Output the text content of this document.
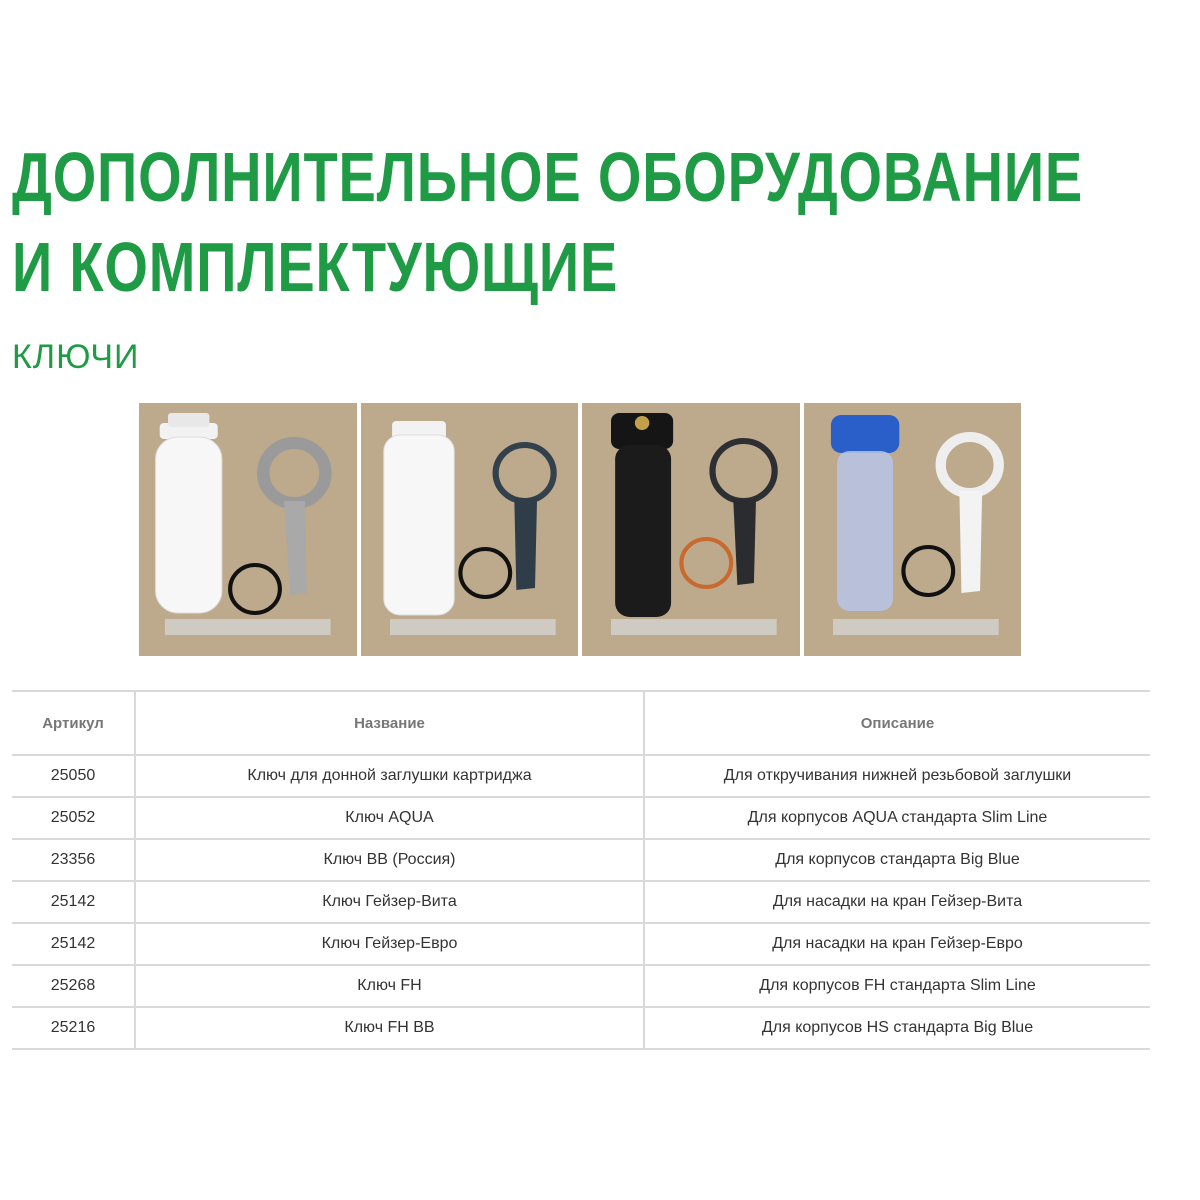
ДОПОЛНИТЕЛЬНОЕ ОБОРУДОВАНИЕ
И КОМПЛЕКТУЮЩИЕ
КЛЮЧИ
Артикул	Название	Описание
25050	Ключ для донной заглушки картриджа	Для откручивания нижней резьбовой заглушки
25052	Ключ AQUA	Для корпусов AQUA стандарта Slim Line
23356	Ключ ВВ (Россия)	Для корпусов стандарта Big Blue
25142	Ключ Гейзер-Вита	Для насадки на кран Гейзер-Вита
25142	Ключ Гейзер-Евро	Для насадки на кран Гейзер-Евро
25268	Ключ FH	Для корпусов FH стандарта Slim Line
25216	Ключ FH BB	Для корпусов HS стандарта Big Blue
